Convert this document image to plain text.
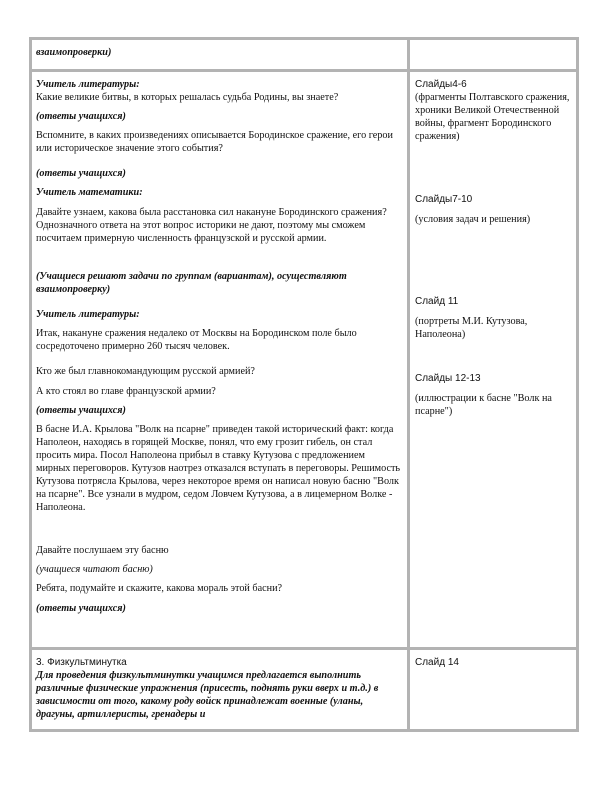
взаимопроверки)

Учитель литературы:

Какие великие битвы, в которых решалась судьба Родины, вы знаете?

(ответы учащихся)

Вспомните, в каких произведениях описывается Бородинское сражение, его герои или историческое значение этого события?

(ответы учащихся)

Учитель математики:

Давайте узнаем, какова была расстановка сил накануне Бородинского сражения? Однозначного ответа на этот вопрос историки не дают, поэтому мы сможем посчитаем примерную численность французской и русской армии.

(Учащиеся решают задачи по группам (вариантам), осуществляют взаимопроверку)

Учитель литературы:

Итак, накануне сражения недалеко от Москвы на Бородинском поле было сосредоточено примерно 260 тысяч человек.

Кто же был главнокомандующим русской армией?

А кто стоял во главе французской армии?

(ответы учащихся)

В басне И.А. Крылова "Волк на псарне" приведен такой исторический факт: когда Наполеон, находясь в горящей Москве, понял, что ему грозит гибель, он стал просить мира. Посол Наполеона прибыл в ставку Кутузова с предложением мирных переговоров. Кутузов наотрез отказался вступать в переговоры. Решимость Кутузова потрясла Крылова, через некоторое время он написал новую басню "Волк на псарне". Все узнали в мудром, седом Ловчем Кутузова, а в лицемерном Волке - Наполеона.

Давайте послушаем эту басню

(учащиеся читают басню)

Ребята, подумайте и скажите, какова мораль этой басни?

(ответы учащихся)

Слайды4-6

(фрагменты Полтавского сражения, хроники Великой Отечественной войны, фрагмент Бородинского сражения)

Слайды7-10

(условия задач и решения)

Слайд 11

(портреты М.И. Кутузова, Наполеона)

Слайды 12-13

(иллюстрации к басне "Волк на псарне")

3. Физкультминутка

Для проведения физкультминутки учащимся предлагается выполнить различные физические упражнения (присесть, поднять руки вверх и т.д.) в зависимости от того, какому роду войск принадлежат военные (уланы, драгуны, артиллеристы, гренадеры и

Слайд 14
